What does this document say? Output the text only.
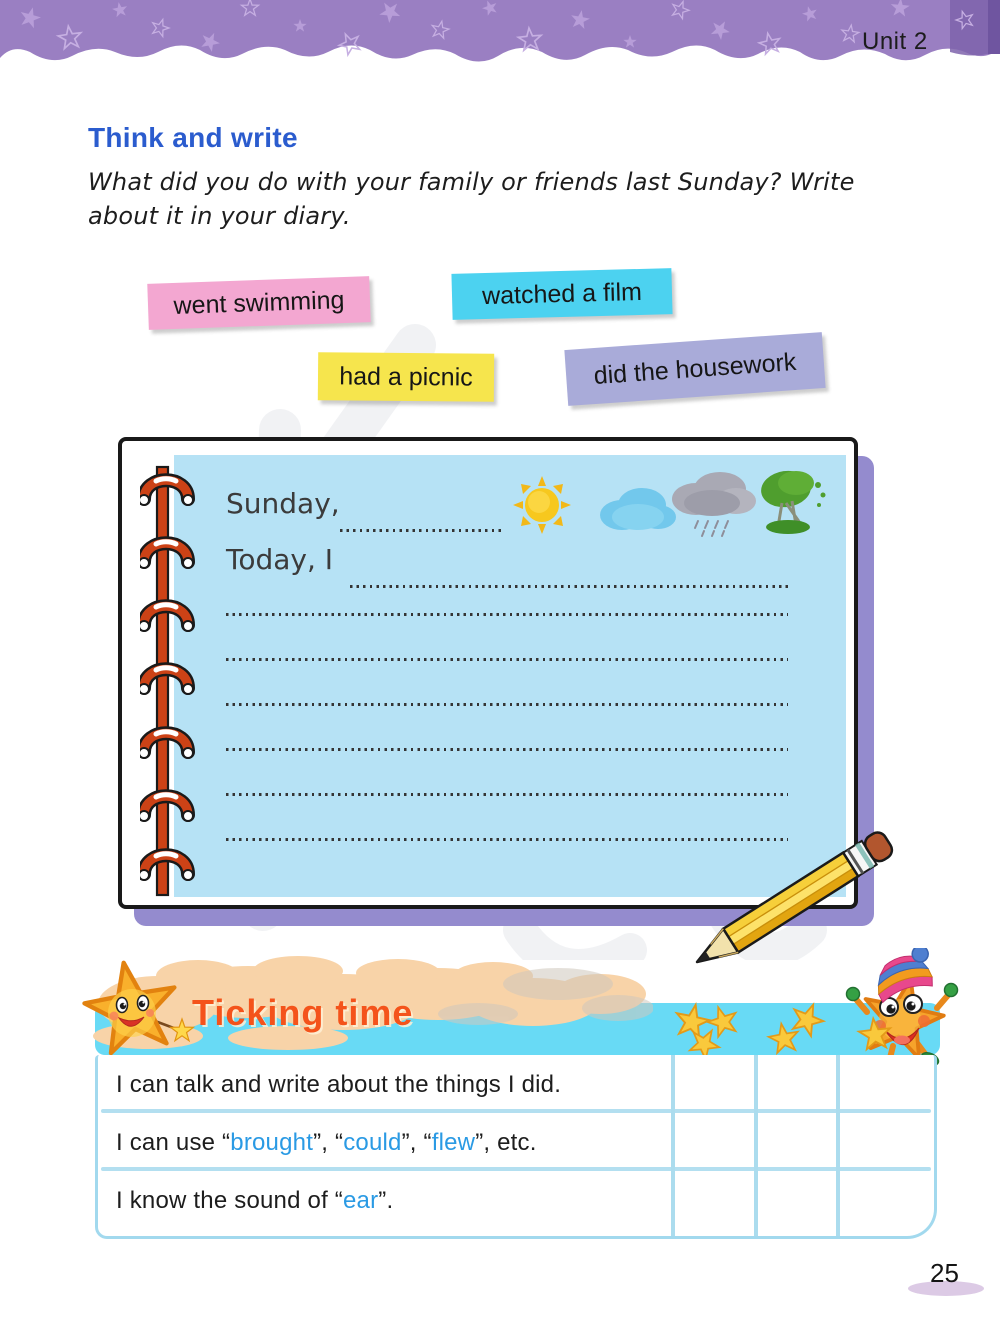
Unit 2
Think and write
What did you do with your family or friends last Sunday? Write
about it in your diary.
went swimming	watched a film
had a picnic	did the housework
Sunday,
Today, I
Ticking time
I can talk and write about the things I did.
I can use “brought”, “could”, “flew”, etc.
I know the sound of “ear”.
25
